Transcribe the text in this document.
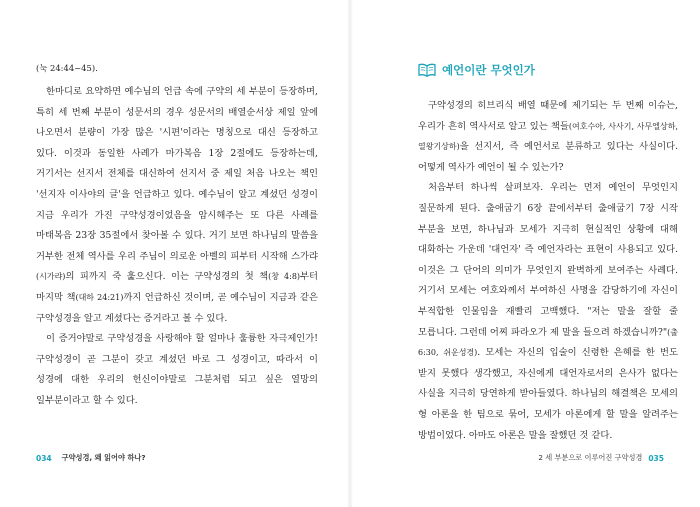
(눅 24:44~45).

한마디로 요약하면 예수님의 언급 속에 구약의 세 부분이 등장하며, 특히 세 번째 부분이 성문서의 경우 성문서의 배열순서상 제일 앞에 나오면서 분량이 가장 많은 '시편'이라는 명칭으로 대신 등장하고 있다. 이것과 동일한 사례가 마가복음 1장 2절에도 등장하는데, 거기서는 선지서 전체를 대신하여 선지서 중 제일 처음 나오는 책인 '선지자 이사야의 글'을 언급하고 있다. 예수님이 알고 계셨던 성경이 지금 우리가 가진 구약성경이었음을 암시해주는 또 다른 사례를 마태복음 23장 35절에서 찾아볼 수 있다. 거기 보면 하나님의 말씀을 거부한 전체 역사를 우리 주님이 의로운 아벨의 피부터 시작해 스가랴(시가랴)의 피까지 죽 훑으신다. 이는 구약성경의 첫 책(창 4:8)부터 마지막 책(대하 24:21)까지 언급하신 것이며, 곧 예수님이 지금과 같은 구약성경을 알고 계셨다는 증거라고 볼 수 있다.

이 증거야말로 구약성경을 사랑해야 할 얼마나 훌륭한 자극제인가! 구약성경이 곧 그분이 갖고 계셨던 바로 그 성경이고, 따라서 이 성경에 대한 우리의 헌신이야말로 그분처럼 되고 싶은 열망의 일부분이라고 할 수 있다.

034 구약성경, 왜 읽어야 하나?
예언이란 무엇인가

구약성경의 히브리식 배열 때문에 제기되는 두 번째 이슈는, 우리가 흔히 역사서로 알고 있는 책들(여호수아, 사사기, 사무엘상하, 열왕기상하)을 선지서, 즉 예언서로 분류하고 있다는 사실이다. 어떻게 역사가 예언이 될 수 있는가?

처음부터 하나씩 살펴보자. 우리는 먼저 예언이 무엇인지 질문하게 된다. 출애굽기 6장 끝에서부터 출애굽기 7장 시작 부분을 보면, 하나님과 모세가 지극히 현실적인 상황에 대해 대화하는 가운데 '대언자' 즉 예언자라는 표현이 사용되고 있다. 이것은 그 단어의 의미가 무엇인지 완벽하게 보여주는 사례다. 거기서 모세는 여호와께서 부여하신 사명을 감당하기에 자신이 부적합한 인물임을 재빨리 고백했다. "저는 말을 잘할 줄 모릅니다. 그런데 어찌 파라오가 제 말을 들으려 하겠습니까?"(출 6:30, 쉬운성경). 모세는 자신의 입술이 신령한 은혜를 한 번도 받지 못했다 생각했고, 자신에게 대언자로서의 은사가 없다는 사실을 지극히 당연하게 받아들였다. 하나님의 해결책은 모세의 형 아론을 한 팀으로 묶어, 모세가 아론에게 할 말을 알려주는 방법이었다. 아마도 아론은 말을 잘했던 것 같다.

2 세 부분으로 이루어진 구약성경 035
